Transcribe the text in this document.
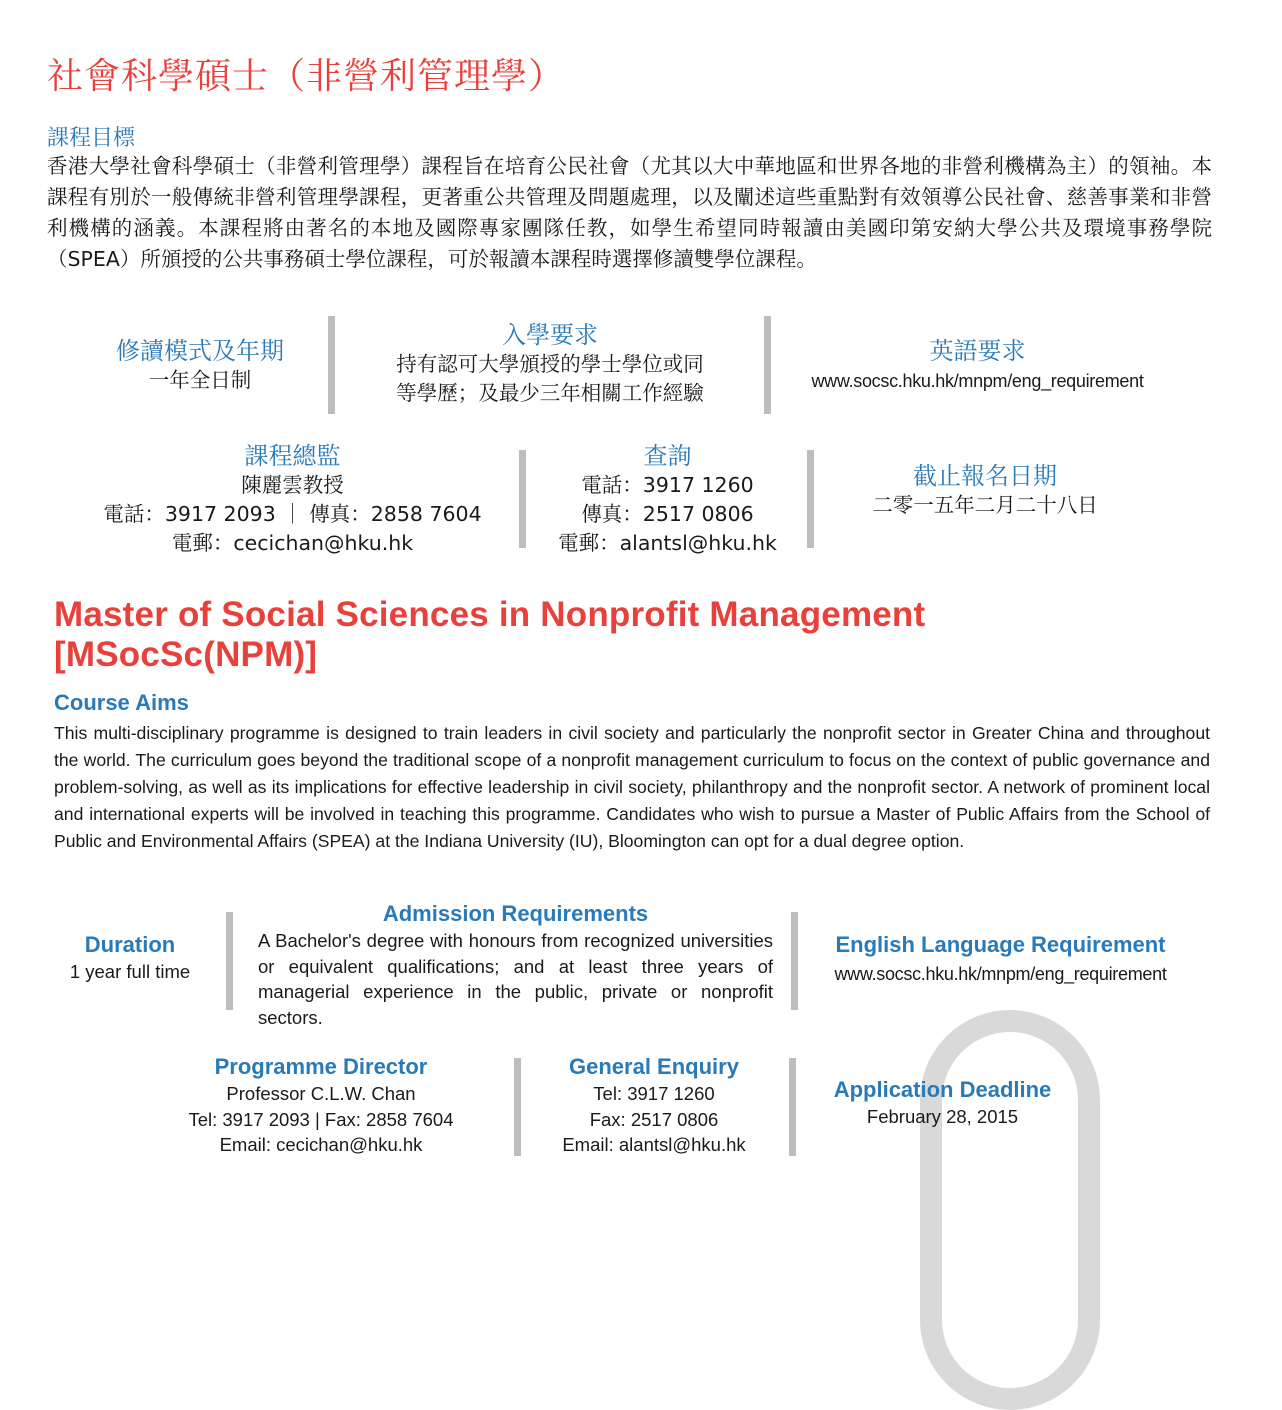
社會科學碩士（非營利管理學）
課程目標
香港大學社會科學碩士（非營利管理學）課程旨在培育公民社會（尤其以大中華地區和世界各地的非營利機構為主）的領袖。本課程有別於一般傳統非營利管理學課程，更著重公共管理及問題處理，以及闡述這些重點對有效領導公民社會、慈善事業和非營利機構的涵義。本課程將由著名的本地及國際專家團隊任教，如學生希望同時報讀由美國印第安納大學公共及環境事務學院（SPEA）所頒授的公共事務碩士學位課程，可於報讀本課程時選擇修讀雙學位課程。
修讀模式及年期
一年全日制
入學要求
持有認可大學頒授的學士學位或同
等學歷；及最少三年相關工作經驗
英語要求
www.socsc.hku.hk/mnpm/eng_requirement
課程總監
陳麗雲教授
電話：3917 2093 ｜ 傳真：2858 7604
電郵：cecichan@hku.hk
查詢
電話：3917 1260
傳真：2517 0806
電郵：alantsl@hku.hk
截止報名日期
二零一五年二月二十八日
Master of Social Sciences in Nonprofit Management
[MSocSc(NPM)]
Course Aims
This multi-disciplinary programme is designed to train leaders in civil society and particularly the nonprofit sector in Greater China and throughout the world. The curriculum goes beyond the traditional scope of a nonprofit management curriculum to focus on the context of public governance and problem-solving, as well as its implications for effective leadership in civil society, philanthropy and the nonprofit sector. A network of prominent local and international experts will be involved in teaching this programme. Candidates who wish to pursue a Master of Public Affairs from the School of Public and Environmental Affairs (SPEA) at the Indiana University (IU), Bloomington can opt for a dual degree option.
Duration
1 year full time
Admission Requirements
A Bachelor's degree with honours from recognized universities or equivalent qualifications; and at least three years of managerial experience in the public, private or nonprofit sectors.
English Language Requirement
www.socsc.hku.hk/mnpm/eng_requirement
Programme Director
Professor C.L.W. Chan
Tel: 3917 2093 | Fax: 2858 7604
Email: cecichan@hku.hk
General Enquiry
Tel: 3917 1260
Fax: 2517 0806
Email: alantsl@hku.hk
Application Deadline
February 28, 2015
